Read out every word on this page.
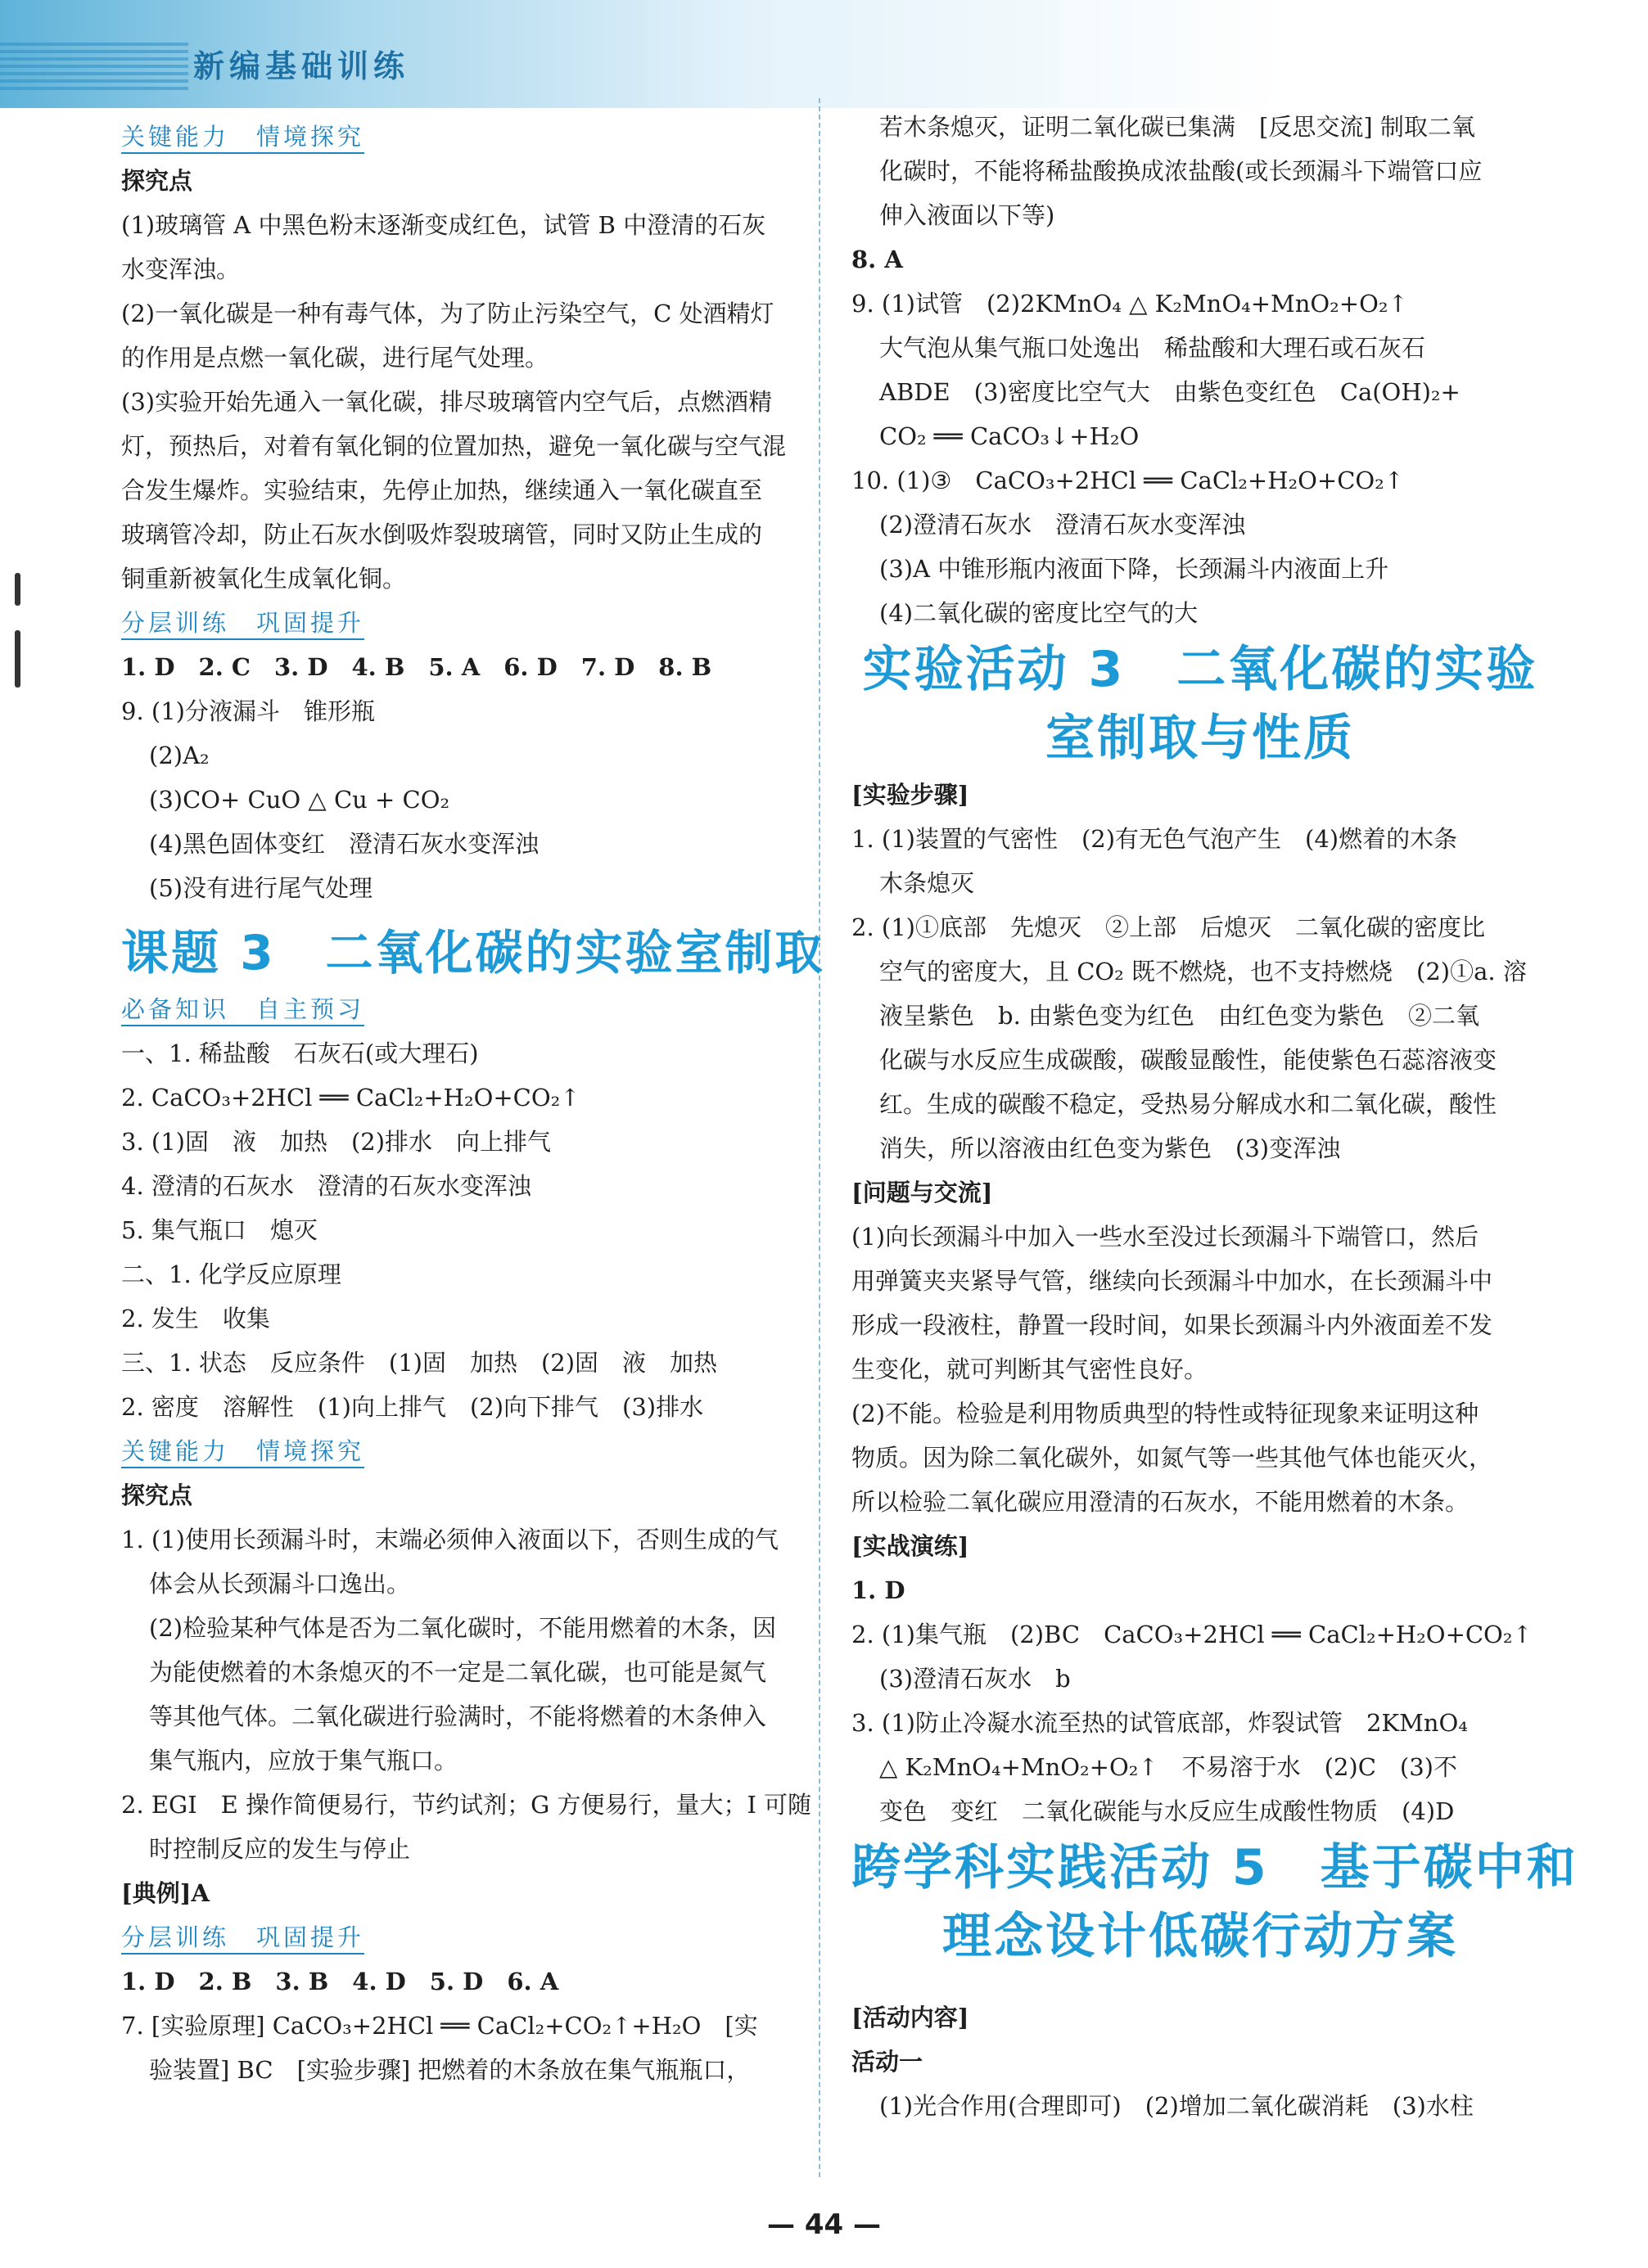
新编基础训练
关键能力　情境探究
探究点
(1)玻璃管 A 中黑色粉末逐渐变成红色，试管 B 中澄清的石灰
水变浑浊。
(2)一氧化碳是一种有毒气体，为了防止污染空气，C 处酒精灯
的作用是点燃一氧化碳，进行尾气处理。
(3)实验开始先通入一氧化碳，排尽玻璃管内空气后，点燃酒精
灯，预热后，对着有氧化铜的位置加热，避免一氧化碳与空气混
合发生爆炸。实验结束，先停止加热，继续通入一氧化碳直至
玻璃管冷却，防止石灰水倒吸炸裂玻璃管，同时又防止生成的
铜重新被氧化生成氧化铜。
分层训练　巩固提升
1. D　2. C　3. D　4. B　5. A　6. D　7. D　8. B
9. (1)分液漏斗　锥形瓶
(2)A₂
(3)CO+ CuO △ Cu + CO₂
(4)黑色固体变红　澄清石灰水变浑浊
(5)没有进行尾气处理
课题 3　二氧化碳的实验室制取
必备知识　自主预习
一、1. 稀盐酸　石灰石(或大理石)
2. CaCO₃+2HCl ══ CaCl₂+H₂O+CO₂↑
3. (1)固　液　加热　(2)排水　向上排气
4. 澄清的石灰水　澄清的石灰水变浑浊
5. 集气瓶口　熄灭
二、1. 化学反应原理
2. 发生　收集
三、1. 状态　反应条件　(1)固　加热　(2)固　液　加热
2. 密度　溶解性　(1)向上排气　(2)向下排气　(3)排水
关键能力　情境探究
探究点
1. (1)使用长颈漏斗时，末端必须伸入液面以下，否则生成的气
体会从长颈漏斗口逸出。
(2)检验某种气体是否为二氧化碳时，不能用燃着的木条，因
为能使燃着的木条熄灭的不一定是二氧化碳，也可能是氮气
等其他气体。二氧化碳进行验满时，不能将燃着的木条伸入
集气瓶内，应放于集气瓶口。
2. EGI　E 操作简便易行，节约试剂；G 方便易行，量大；I 可随
时控制反应的发生与停止
[典例]A
分层训练　巩固提升
1. D　2. B　3. B　4. D　5. D　6. A
7. [实验原理] CaCO₃+2HCl ══ CaCl₂+CO₂↑+H₂O　[实
验装置] BC　[实验步骤] 把燃着的木条放在集气瓶瓶口，
若木条熄灭，证明二氧化碳已集满　[反思交流] 制取二氧
化碳时，不能将稀盐酸换成浓盐酸(或长颈漏斗下端管口应
伸入液面以下等)
8. A
9. (1)试管　(2)2KMnO₄ △ K₂MnO₄+MnO₂+O₂↑
大气泡从集气瓶口处逸出　稀盐酸和大理石或石灰石
ABDE　(3)密度比空气大　由紫色变红色　Ca(OH)₂+
CO₂ ══ CaCO₃↓+H₂O
10. (1)③　CaCO₃+2HCl ══ CaCl₂+H₂O+CO₂↑
(2)澄清石灰水　澄清石灰水变浑浊
(3)A 中锥形瓶内液面下降，长颈漏斗内液面上升
(4)二氧化碳的密度比空气的大
实验活动 3　二氧化碳的实验
室制取与性质
[实验步骤]
1. (1)装置的气密性　(2)有无色气泡产生　(4)燃着的木条
木条熄灭
2. (1)①底部　先熄灭　②上部　后熄灭　二氧化碳的密度比
空气的密度大，且 CO₂ 既不燃烧，也不支持燃烧　(2)①a. 溶
液呈紫色　b. 由紫色变为红色　由红色变为紫色　②二氧
化碳与水反应生成碳酸，碳酸显酸性，能使紫色石蕊溶液变
红。生成的碳酸不稳定，受热易分解成水和二氧化碳，酸性
消失，所以溶液由红色变为紫色　(3)变浑浊
[问题与交流]
(1)向长颈漏斗中加入一些水至没过长颈漏斗下端管口，然后
用弹簧夹夹紧导气管，继续向长颈漏斗中加水，在长颈漏斗中
形成一段液柱，静置一段时间，如果长颈漏斗内外液面差不发
生变化，就可判断其气密性良好。
(2)不能。检验是利用物质典型的特性或特征现象来证明这种
物质。因为除二氧化碳外，如氮气等一些其他气体也能灭火，
所以检验二氧化碳应用澄清的石灰水，不能用燃着的木条。
[实战演练]
1. D
2. (1)集气瓶　(2)BC　CaCO₃+2HCl ══ CaCl₂+H₂O+CO₂↑
(3)澄清石灰水　b
3. (1)防止冷凝水流至热的试管底部，炸裂试管　2KMnO₄
△ K₂MnO₄+MnO₂+O₂↑　不易溶于水　(2)C　(3)不
变色　变红　二氧化碳能与水反应生成酸性物质　(4)D
跨学科实践活动 5　基于碳中和
理念设计低碳行动方案
[活动内容]
活动一
(1)光合作用(合理即可)　(2)增加二氧化碳消耗　(3)水柱
— 44 —
